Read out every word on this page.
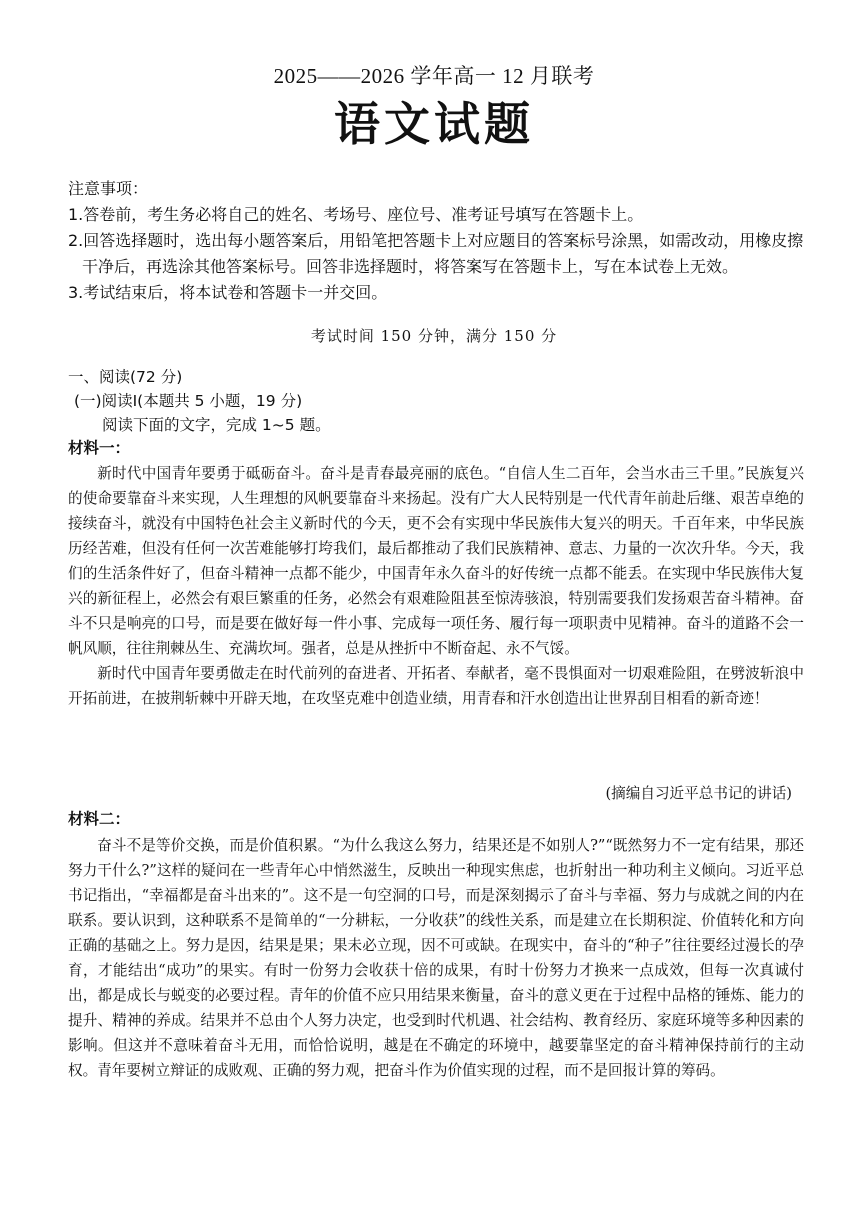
2025——2026 学年高一 12 月联考
语文试题

注意事项：

1.答卷前，考生务必将自己的姓名、考场号、座位号、准考证号填写在答题卡上。

2.回答选择题时，选出每小题答案后，用铅笔把答题卡上对应题目的答案标号涂黑，如需改动，用橡皮擦干净后，再选涂其他答案标号。回答非选择题时，将答案写在答题卡上，写在本试卷上无效。

3.考试结束后，将本试卷和答题卡一并交回。

考试时间 150 分钟，满分 150 分

一、阅读(72 分)

(一)阅读Ⅰ(本题共 5 小题，19 分)

阅读下面的文字，完成 1~5 题。

材料一：

新时代中国青年要勇于砥砺奋斗。奋斗是青春最亮丽的底色。“自信人生二百年，会当水击三千里。”民族复兴的使命要靠奋斗来实现，人生理想的风帆要靠奋斗来扬起。没有广大人民特别是一代代青年前赴后继、艰苦卓绝的接续奋斗，就没有中国特色社会主义新时代的今天，更不会有实现中华民族伟大复兴的明天。千百年来，中华民族历经苦难，但没有任何一次苦难能够打垮我们，最后都推动了我们民族精神、意志、力量的一次次升华。今天，我们的生活条件好了，但奋斗精神一点都不能少，中国青年永久奋斗的好传统一点都不能丢。在实现中华民族伟大复兴的新征程上，必然会有艰巨繁重的任务，必然会有艰难险阻甚至惊涛骇浪，特别需要我们发扬艰苦奋斗精神。奋斗不只是响亮的口号，而是要在做好每一件小事、完成每一项任务、履行每一项职责中见精神。奋斗的道路不会一帆风顺，往往荆棘丛生、充满坎坷。强者，总是从挫折中不断奋起、永不气馁。

新时代中国青年要勇做走在时代前列的奋进者、开拓者、奉献者，毫不畏惧面对一切艰难险阻，在劈波斩浪中开拓前进，在披荆斩棘中开辟天地，在攻坚克难中创造业绩，用青春和汗水创造出让世界刮目相看的新奇迹！

(摘编自习近平总书记的讲话)
材料二：

奋斗不是等价交换，而是价值积累。“为什么我这么努力，结果还是不如别人?”“既然努力不一定有结果，那还努力干什么?”这样的疑问在一些青年心中悄然滋生，反映出一种现实焦虑，也折射出一种功利主义倾向。习近平总书记指出，“幸福都是奋斗出来的”。这不是一句空洞的口号，而是深刻揭示了奋斗与幸福、努力与成就之间的内在联系。要认识到，这种联系不是简单的“一分耕耘，一分收获”的线性关系，而是建立在长期积淀、价值转化和方向正确的基础之上。努力是因，结果是果；果未必立现，因不可或缺。在现实中，奋斗的“种子”往往要经过漫长的孕育，才能结出“成功”的果实。有时一份努力会收获十倍的成果，有时十份努力才换来一点成效，但每一次真诚付出，都是成长与蜕变的必要过程。青年的价值不应只用结果来衡量，奋斗的意义更在于过程中品格的锤炼、能力的提升、精神的养成。结果并不总由个人努力决定，也受到时代机遇、社会结构、教育经历、家庭环境等多种因素的影响。但这并不意味着奋斗无用，而恰恰说明，越是在不确定的环境中，越要靠坚定的奋斗精神保持前行的主动权。青年要树立辩证的成败观、正确的努力观，把奋斗作为价值实现的过程，而不是回报计算的筹码。
